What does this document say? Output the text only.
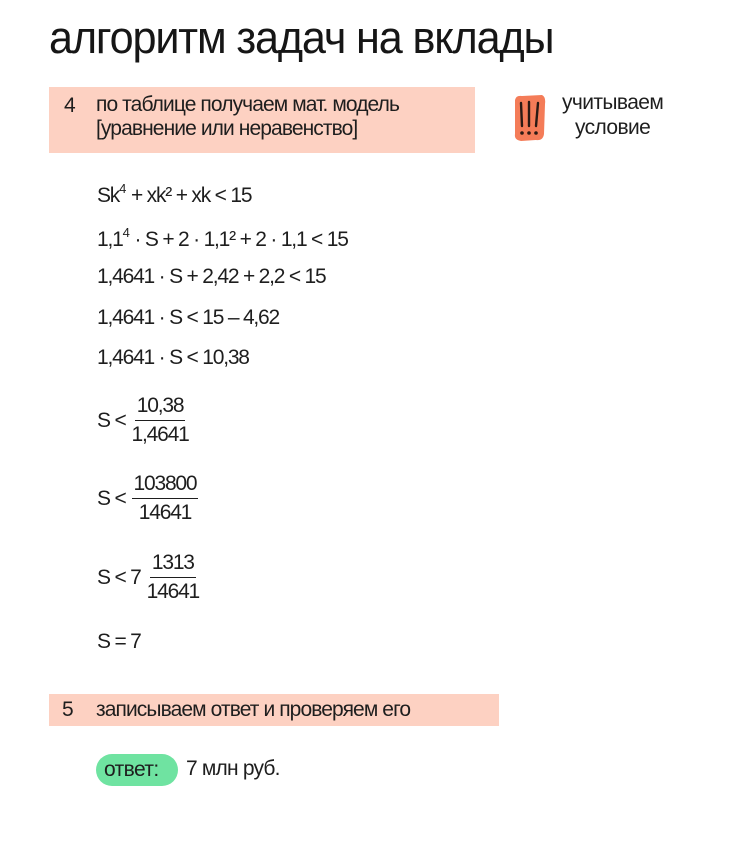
алгоритм задач на вклады
4 по таблице получаем мат. модель
[уравнение или неравенство]
учитываем
условие
$Sk^4 + xk^2$ + xk < 15
$1,1^4 \cdot S + 2 \cdot 1,1^2 + 2 \cdot 1,1 < 15$
1,4641 · S + 2,42 + 2,2 < 15
1,4641 · S < 15 – 4,62
1,4641 · S < 10,38
$S < \frac{10,38}{1,4641}$
$S < \frac{103800}{14641}$
$S < 7 \frac{1313}{14641}$
S = 7
5 записываем ответ и проверяем его
ответ: 7 млн руб.
